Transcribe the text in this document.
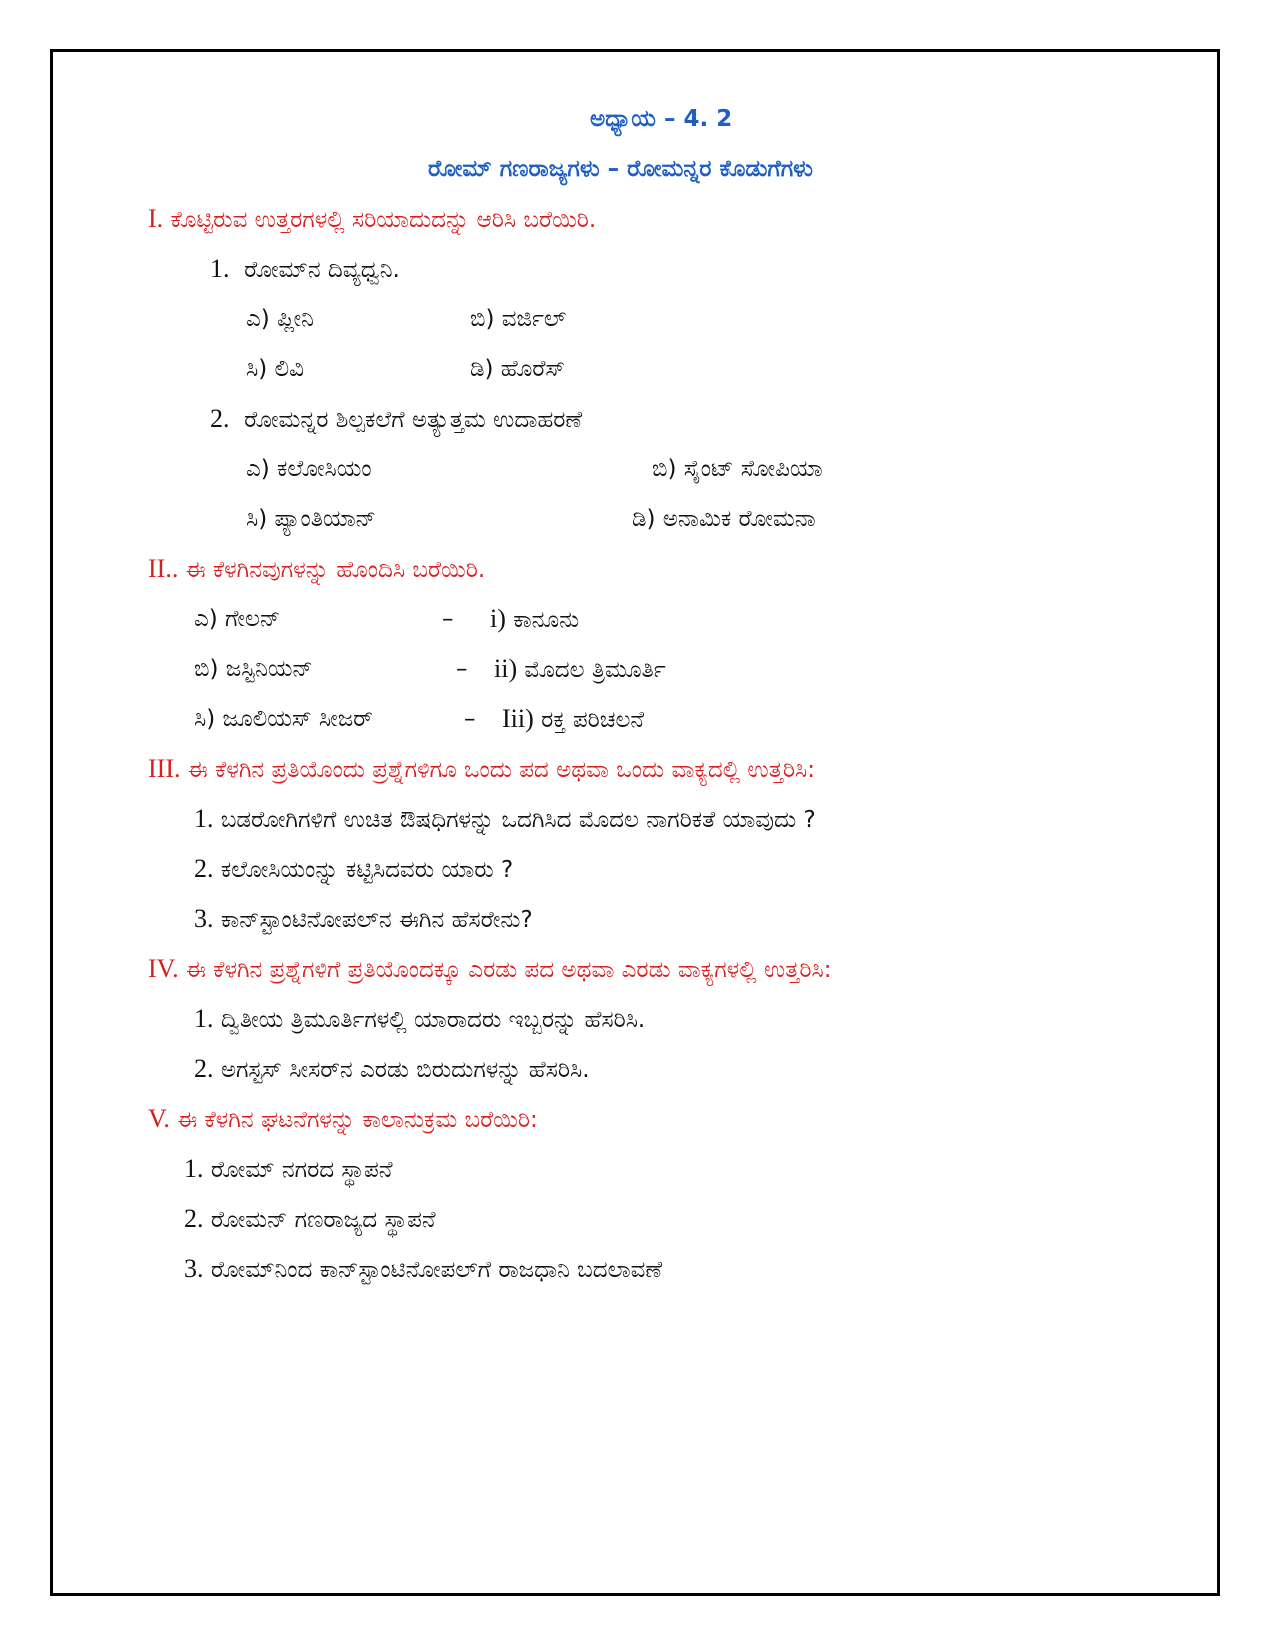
ಅಧ್ಯಾಯ – 4. 2
ರೋಮ್ ಗಣರಾಜ್ಯಗಳು – ರೋಮನ್ನರ ಕೊಡುಗೆಗಳು
I. ಕೊಟ್ಟಿರುವ ಉತ್ತರಗಳಲ್ಲಿ ಸರಿಯಾದುದನ್ನು ಆರಿಸಿ ಬರೆಯಿರಿ.
1. ರೋಮ್‌ನ ದಿವ್ಯಧ್ವನಿ.
ಎ) ಪ್ಲೀನಿ	ಬಿ) ವರ್ಜಿಲ್
ಸಿ) ಲಿವಿ	ಡಿ) ಹೊರೆಸ್
2. ರೋಮನ್ನರ ಶಿಲ್ಪಕಲೆಗೆ ಅತ್ಯುತ್ತಮ ಉದಾಹರಣೆ
ಎ) ಕಲೋಸಿಯಂ	ಬಿ) ಸೈಂಟ್ ಸೋಪಿಯಾ
ಸಿ) ಪ್ಯಾಂತಿಯಾನ್	ಡಿ) ಅನಾಮಿಕ ರೋಮನಾ
II.. ಈ ಕೆಳಗಿನವುಗಳನ್ನು ಹೊಂದಿಸಿ ಬರೆಯಿರಿ.
ಎ) ಗೇಲನ್	– i) ಕಾನೂನು
ಬಿ) ಜಸ್ಟಿನಿಯನ್	– ii) ಮೊದಲ ತ್ರಿಮೂರ್ತಿ
ಸಿ) ಜೂಲಿಯಸ್ ಸೀಜರ್	– Iii) ರಕ್ತ ಪರಿಚಲನೆ
III. ಈ ಕೆಳಗಿನ ಪ್ರತಿಯೊಂದು ಪ್ರಶ್ನೆಗಳಿಗೂ ಒಂದು ಪದ ಅಥವಾ ಒಂದು ವಾಕ್ಯದಲ್ಲಿ ಉತ್ತರಿಸಿ:
1. ಬಡರೋಗಿಗಳಿಗೆ ಉಚಿತ ಔಷಧಿಗಳನ್ನು ಒದಗಿಸಿದ ಮೊದಲ ನಾಗರಿಕತೆ ಯಾವುದು ?
2. ಕಲೋಸಿಯಂನ್ನು ಕಟ್ಟಿಸಿದವರು ಯಾರು ?
3. ಕಾನ್‌ಸ್ಟಾಂಟಿನೋಪಲ್‌ನ ಈಗಿನ ಹೆಸರೇನು?
IV. ಈ ಕೆಳಗಿನ ಪ್ರಶ್ನೆಗಳಿಗೆ ಪ್ರತಿಯೊಂದಕ್ಕೂ ಎರಡು ಪದ ಅಥವಾ ಎರಡು ವಾಕ್ಯಗಳಲ್ಲಿ ಉತ್ತರಿಸಿ:
1. ದ್ವಿತೀಯ ತ್ರಿಮೂರ್ತಿಗಳಲ್ಲಿ ಯಾರಾದರು ಇಬ್ಬರನ್ನು ಹೆಸರಿಸಿ.
2. ಅಗಸ್ಟಸ್ ಸೀಸರ್‌ನ ಎರಡು ಬಿರುದುಗಳನ್ನು ಹೆಸರಿಸಿ.
V. ಈ ಕೆಳಗಿನ ಘಟನೆಗಳನ್ನು ಕಾಲಾನುಕ್ರಮ ಬರೆಯಿರಿ:
1. ರೋಮ್ ನಗರದ ಸ್ಥಾಪನೆ
2. ರೋಮನ್ ಗಣರಾಜ್ಯದ ಸ್ಥಾಪನೆ
3. ರೋಮ್‌ನಿಂದ ಕಾನ್‌ಸ್ಟಾಂಟಿನೋಪಲ್‌ಗೆ ರಾಜಧಾನಿ ಬದಲಾವಣೆ
